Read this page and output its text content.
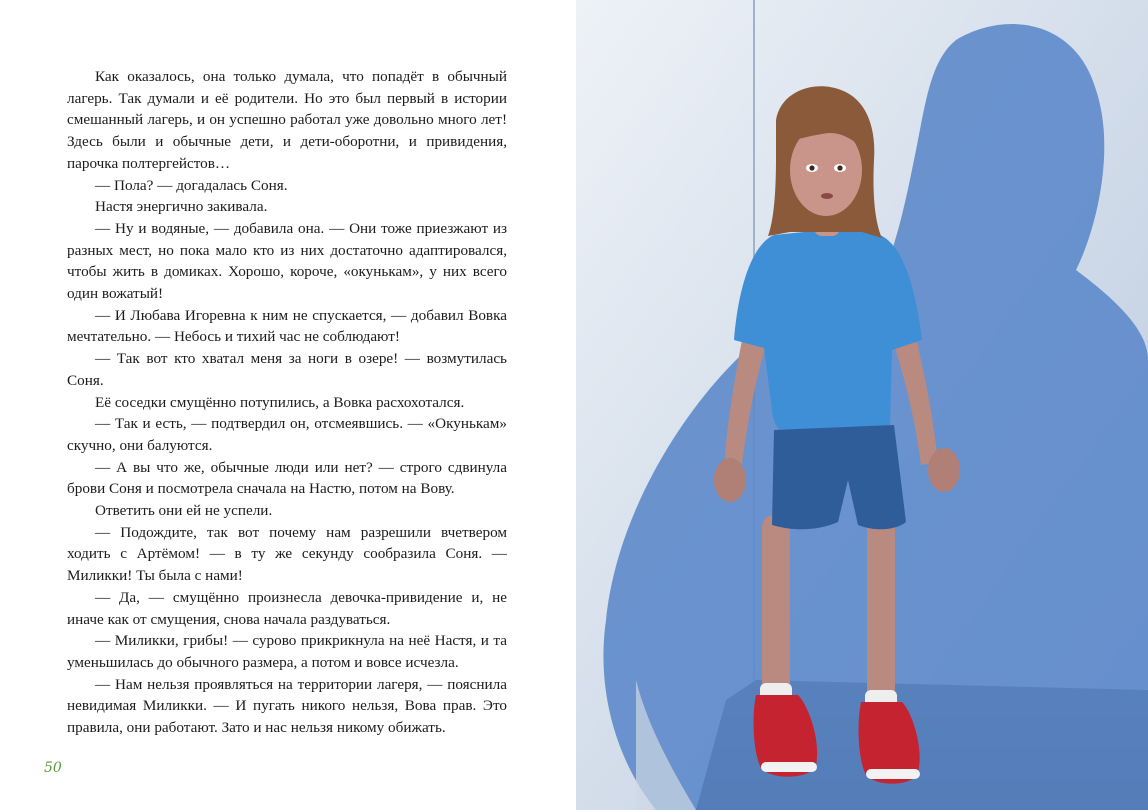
Как оказалось, она только думала, что попадёт в обычный лагерь. Так думали и её родители. Но это был первый в истории смешанный лагерь, и он успешно работал уже довольно много лет! Здесь были и обычные дети, и дети-оборотни, и привидения, парочка полтергейстов…

— Пола? — догадалась Соня.

Настя энергично закивала.

— Ну и водяные, — добавила она. — Они тоже приезжают из разных мест, но пока мало кто из них достаточно адаптировался, чтобы жить в домиках. Хорошо, короче, «окунькам», у них всего один вожатый!

— И Любава Игоревна к ним не спускается, — добавил Вовка мечтательно. — Небось и тихий час не соблюдают!

— Так вот кто хватал меня за ноги в озере! — возмутилась Соня.

Её соседки смущённо потупились, а Вовка расхохотался.

— Так и есть, — подтвердил он, отсмеявшись. — «Окунькам» скучно, они балуются.

— А вы что же, обычные люди или нет? — строго сдвинула брови Соня и посмотрела сначала на Настю, потом на Вову.

Ответить они ей не успели.

— Подождите, так вот почему нам разрешили вчетвером ходить с Артёмом! — в ту же секунду сообразила Соня. — Миликки! Ты была с нами!

— Да, — смущённо произнесла девочка-привидение и, не иначе как от смущения, снова начала раздуваться.

— Миликки, грибы! — сурово прикрикнула на неё Настя, и та уменьшилась до обычного размера, а потом и вовсе исчезла.

— Нам нельзя проявляться на территории лагеря, — пояснила невидимая Миликки. — И пугать никого нельзя, Вова прав. Это правила, они работают. Зато и нас нельзя никому обижать.

50
